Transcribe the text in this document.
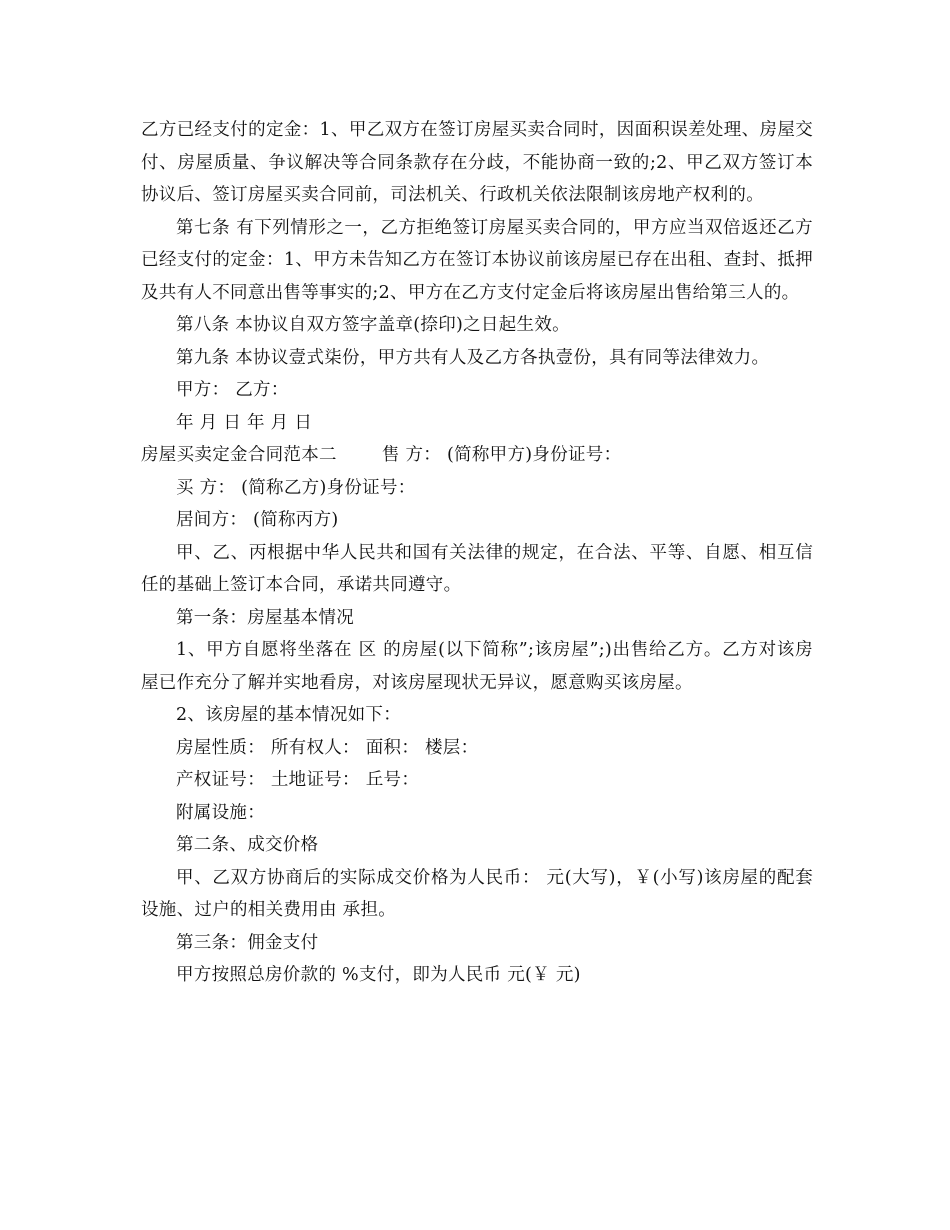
乙方已经支付的定金：1、甲乙双方在签订房屋买卖合同时，因面积误差处理、房屋交付、房屋质量、争议解决等合同条款存在分歧，不能协商一致的;2、甲乙双方签订本协议后、签订房屋买卖合同前，司法机关、行政机关依法限制该房地产权利的。

第七条 有下列情形之一，乙方拒绝签订房屋买卖合同的，甲方应当双倍返还乙方已经支付的定金：1、甲方未告知乙方在签订本协议前该房屋已存在出租、查封、抵押及共有人不同意出售等事实的;2、甲方在乙方支付定金后将该房屋出售给第三人的。

第八条 本协议自双方签字盖章(捺印)之日起生效。

第九条 本协议壹式柒份，甲方共有人及乙方各执壹份，具有同等法律效力。

甲方： 乙方：

年 月 日 年 月 日

房屋买卖定金合同范本二	售 方： (简称甲方)身份证号：

买 方： (简称乙方)身份证号：

居间方： (简称丙方)

甲、乙、丙根据中华人民共和国有关法律的规定，在合法、平等、自愿、相互信任的基础上签订本合同，承诺共同遵守。

第一条：房屋基本情况

1、甲方自愿将坐落在 区 的房屋(以下简称”;该房屋”;)出售给乙方。乙方对该房屋已作充分了解并实地看房，对该房屋现状无异议，愿意购买该房屋。

2、该房屋的基本情况如下：

房屋性质： 所有权人： 面积： 楼层：

产权证号： 土地证号： 丘号：

附属设施：

第二条、成交价格

甲、乙双方协商后的实际成交价格为人民币： 元(大写)，￥(小写)该房屋的配套设施、过户的相关费用由 承担。

第三条：佣金支付

甲方按照总房价款的 %支付，即为人民币 元(￥ 元)
